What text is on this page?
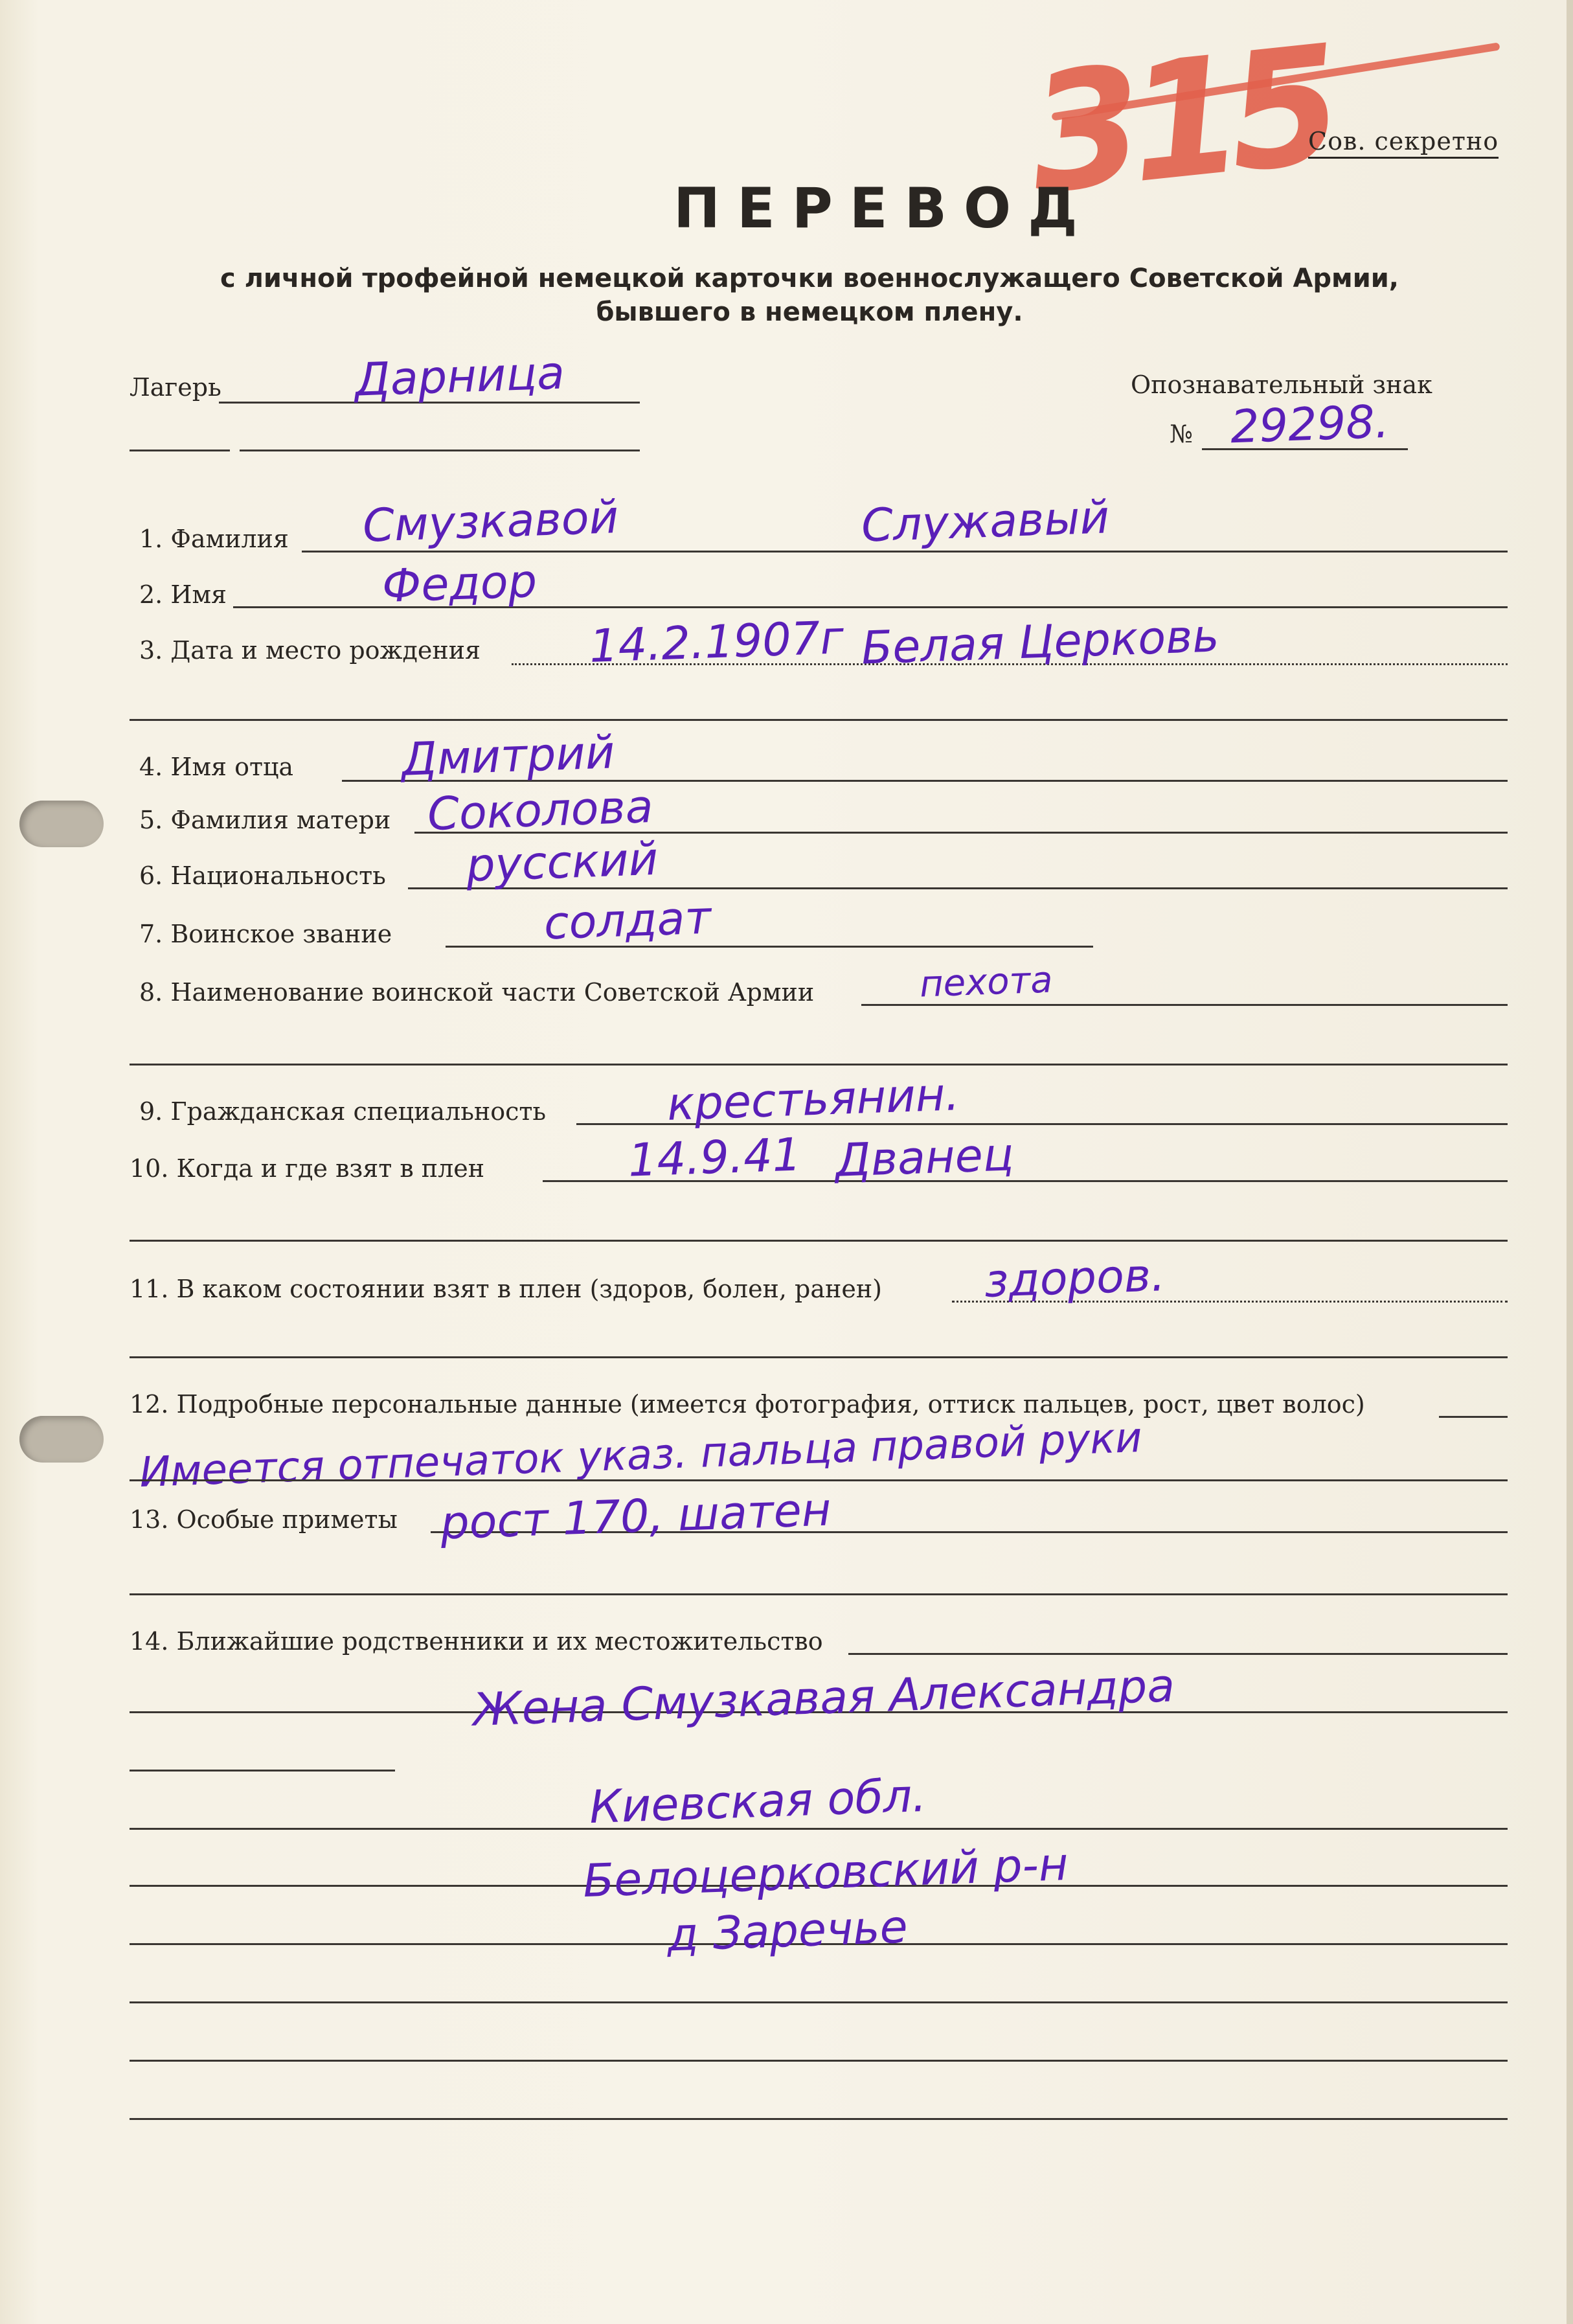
315
Сов. секретно
ПЕРЕВОД
с личной трофейной немецкой карточки военнослужащего Советской Армии,
бывшего в немецком плену.
Лагерь	Дарница	Опознавательный знак
№ 29298.
1. Фамилия Смузкавой	Служавый
2. Имя	Федор
3. Дата и место рождения 14.2.1907г Белая Церковь
4. Имя отца Дмитрий
5. Фамилия матери Соколова
6. Национальность русский
7. Воинское звание	солдат
8. Наименование воинской части Советской Армии	пехота
9. Гражданская специальность	крестьянин.
10. Когда и где взят в плен	14.9.41 Дванец
11. В каком состоянии взят в плен (здоров, болен, ранен) здоров.
12. Подробные персональные данные (имеется фотография, оттиск пальцев, рост, цвет волос)
Имеется отпечаток указ. пальца правой руки
13. Особые приметы рост 170, шатен
14. Ближайшие родственники и их местожительство
Жена Смузкавая Александра
Киевская обл.
Белоцерковский р-н
д Заречье
